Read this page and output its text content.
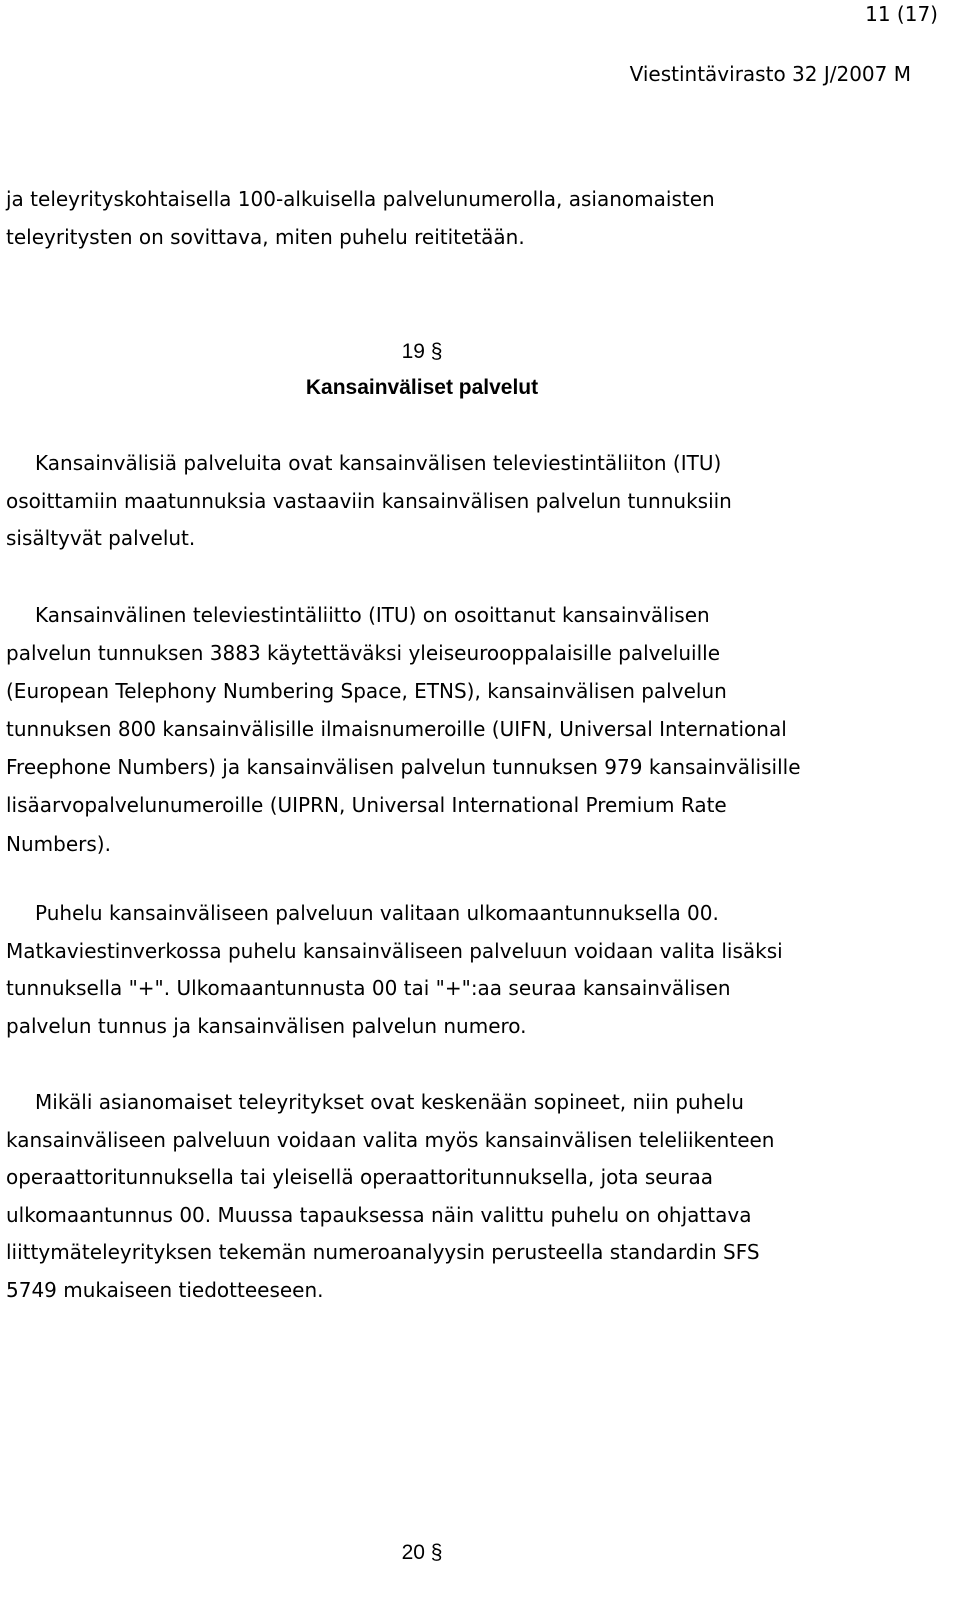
11 (17)
Viestintävirasto 32 J/2007 M
ja teleyrityskohtaisella 100-alkuisella palvelunumerolla, asianomaisten
teleyritysten on sovittava, miten puhelu reititetään.
19 §
Kansainväliset palvelut
Kansainvälisiä palveluita ovat kansainvälisen televiestintäliiton (ITU)
osoittamiin maatunnuksia vastaaviin kansainvälisen palvelun tunnuksiin
sisältyvät palvelut.
Kansainvälinen televiestintäliitto (ITU) on osoittanut kansainvälisen
palvelun tunnuksen 3883 käytettäväksi yleiseurooppalaisille palveluille
(European Telephony Numbering Space, ETNS), kansainvälisen palvelun
tunnuksen 800 kansainvälisille ilmaisnumeroille (UIFN, Universal International
Freephone Numbers) ja kansainvälisen palvelun tunnuksen 979 kansainvälisille
lisäarvopalvelunumeroille (UIPRN, Universal International Premium Rate
Numbers).
Puhelu kansainväliseen palveluun valitaan ulkomaantunnuksella 00.
Matkaviestinverkossa puhelu kansainväliseen palveluun voidaan valita lisäksi
tunnuksella "+". Ulkomaantunnusta 00 tai "+":aa seuraa kansainvälisen
palvelun tunnus ja kansainvälisen palvelun numero.
Mikäli asianomaiset teleyritykset ovat keskenään sopineet, niin puhelu
kansainväliseen palveluun voidaan valita myös kansainvälisen teleliikenteen
operaattoritunnuksella tai yleisellä operaattoritunnuksella, jota seuraa
ulkomaantunnus 00. Muussa tapauksessa näin valittu puhelu on ohjattava
liittymäteleyrityksen tekemän numeroanalyysin perusteella standardin SFS
5749 mukaiseen tiedotteeseen.
20 §
